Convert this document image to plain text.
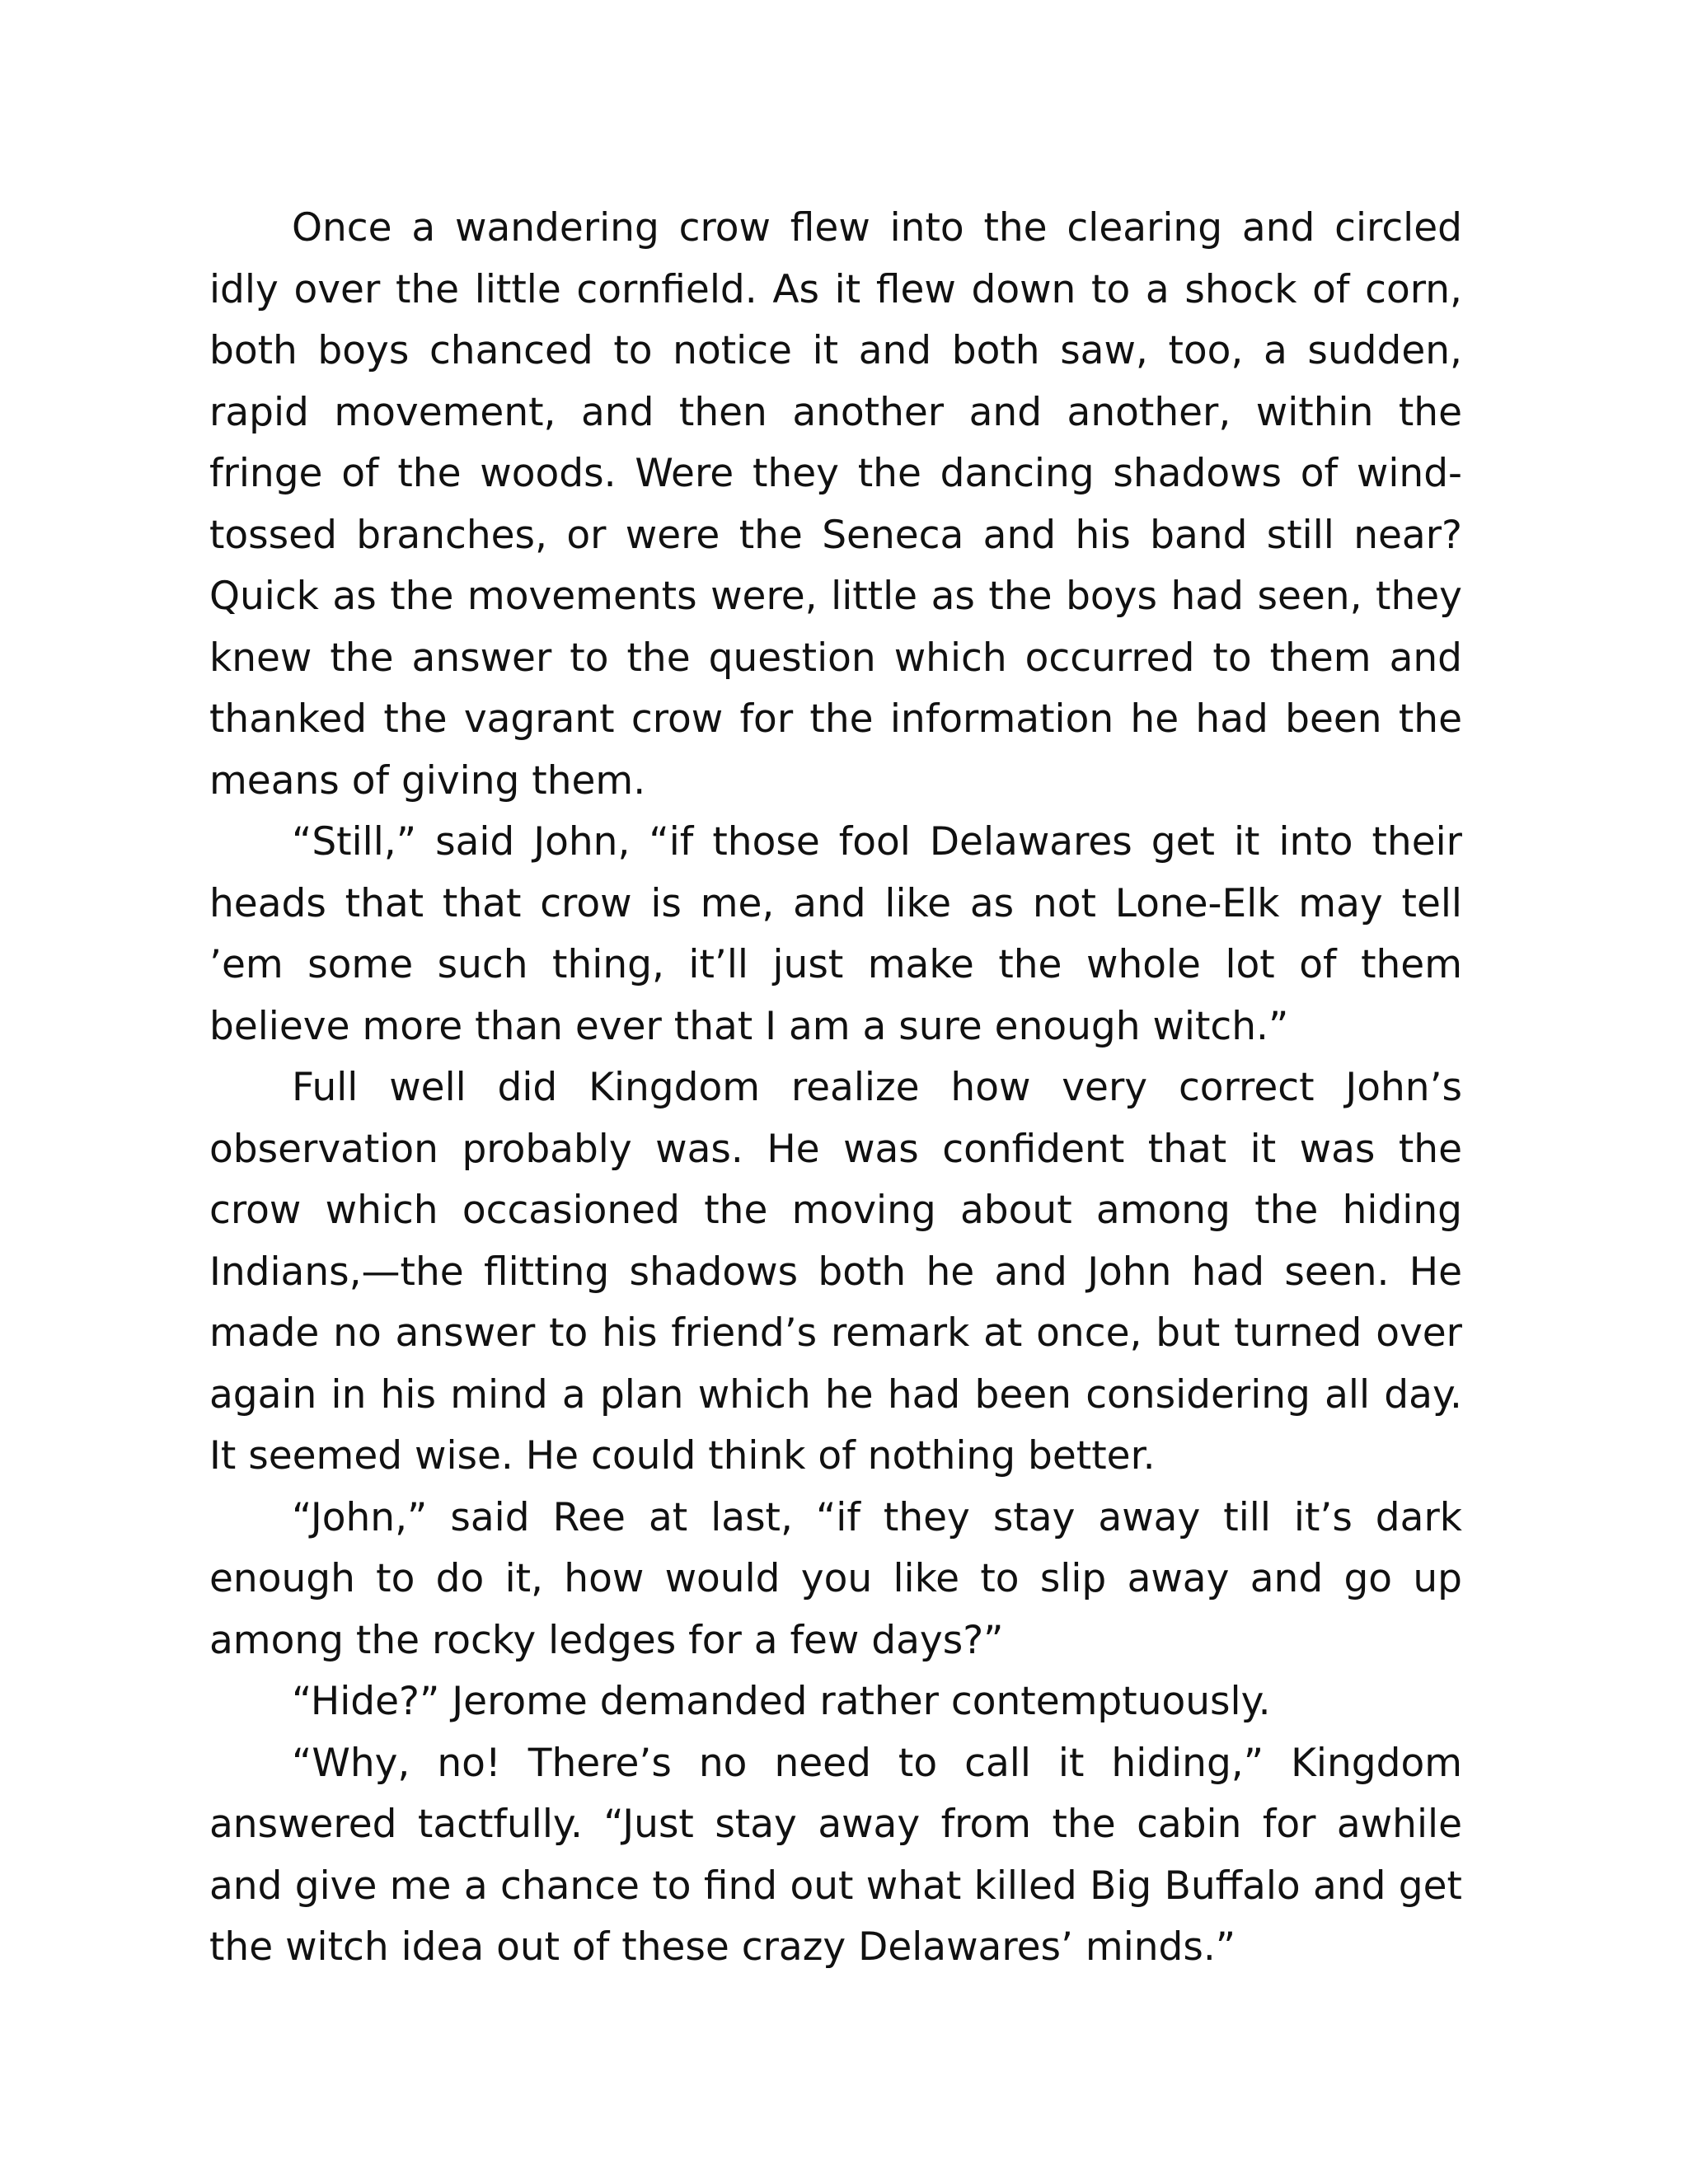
Once a wandering crow flew into the clearing and circled idly over the little cornfield. As it flew down to a shock of corn, both boys chanced to notice it and both saw, too, a sudden, rapid movement, and then another and another, within the fringe of the woods. Were they the dancing shadows of wind-tossed branches, or were the Seneca and his band still near? Quick as the movements were, little as the boys had seen, they knew the answer to the question which occurred to them and thanked the vagrant crow for the information he had been the means of giving them.

“Still,” said John, “if those fool Delawares get it into their heads that that crow is me, and like as not Lone-Elk may tell ’em some such thing, it’ll just make the whole lot of them believe more than ever that I am a sure enough witch.”

Full well did Kingdom realize how very correct John’s observation probably was. He was confident that it was the crow which occasioned the moving about among the hiding Indians,—the flitting shadows both he and John had seen. He made no answer to his friend’s remark at once, but turned over again in his mind a plan which he had been considering all day. It seemed wise. He could think of nothing better.

“John,” said Ree at last, “if they stay away till it’s dark enough to do it, how would you like to slip away and go up among the rocky ledges for a few days?”

“Hide?” Jerome demanded rather contemptuously.

“Why, no! There’s no need to call it hiding,” Kingdom answered tactfully. “Just stay away from the cabin for awhile and give me a chance to find out what killed Big Buffalo and get the witch idea out of these crazy Delawares’ minds.”
